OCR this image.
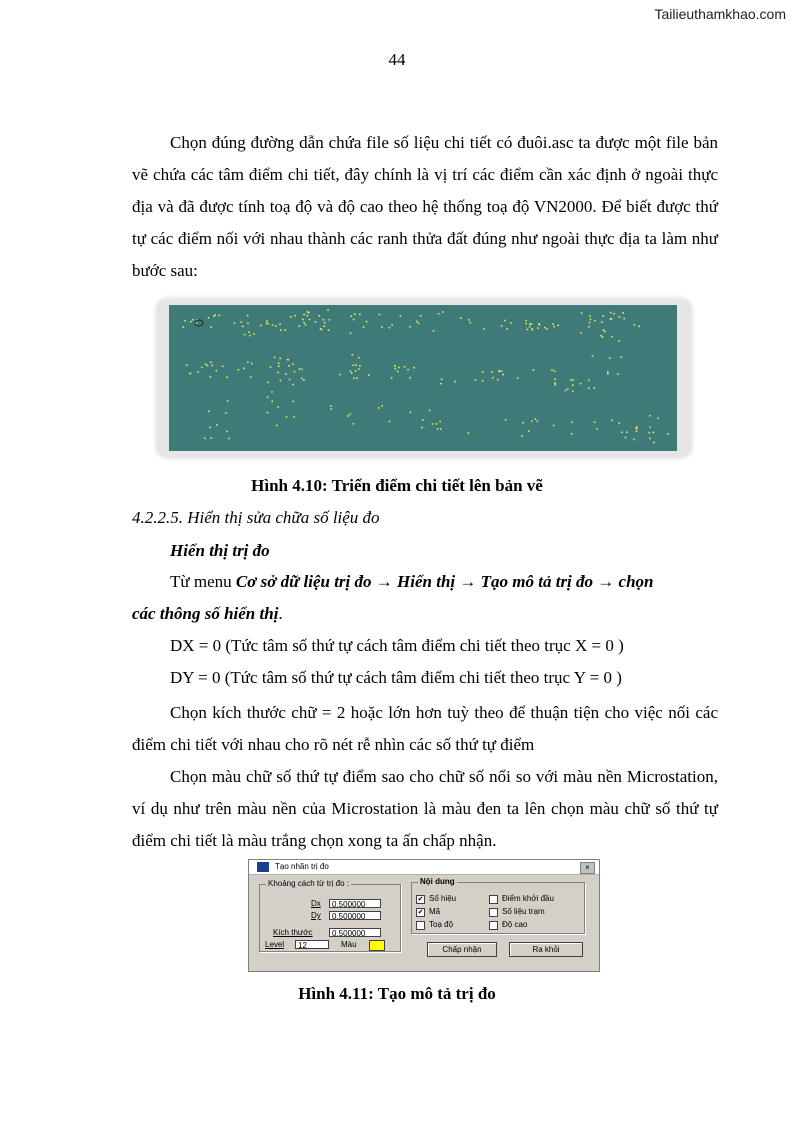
Tailieuthamkhao.com
44
Chọn đúng đường dẫn chứa file số liệu chi tiết có đuôi.asc ta được một file bản vẽ chứa các tâm điểm chi tiết, đây chính là vị trí các điểm cần xác định ở ngoài thực địa và đã được tính toạ độ và độ cao theo hệ thống toạ độ VN2000. Để biết được thứ tự các điểm nối với nhau thành các ranh thửa đất đúng như ngoài thực địa ta làm như bước sau:
Hình 4.10: Triển điểm chi tiết lên bản vẽ
4.2.2.5. Hiển thị sửa chữa số liệu đo
Hiển thị trị đo
Từ menu Cơ sở dữ liệu trị đo → Hiển thị → Tạo mô tả trị đo → chọn
các thông số hiển thị.
DX = 0 (Tức tâm số thứ tự cách tâm điểm chi tiết theo trục X = 0 )
DY = 0 (Tức tâm số thứ tự cách tâm điểm chi tiết theo trục Y = 0 )
Chọn kích thước chữ = 2 hoặc lớn hơn tuỳ theo để thuận tiện cho việc nối các điểm chi tiết với nhau cho rõ nét rễ nhìn các số thứ tự điểm
Chọn màu chữ số thứ tự điểm sao cho chữ số nổi so với màu nền Microstation, ví dụ như trên màu nền của Microstation là màu đen ta lên chọn màu chữ số thứ tự điểm chi tiết là màu trắng chọn xong ta ấn chấp nhận.
Tạo nhãn trị đo	×
Khoảng cách từ trị đo :
Dx	0.500000
Dy	0.500000
Kích thước	0.500000
Level	12	Màu
Nội dung
✔ Số hiệu
✔ Mã
Toạ độ
Điểm khởi đầu
Số liệu trạm
Độ cao
Chấp nhận	Ra khỏi
Hình 4.11: Tạo mô tả trị đo
